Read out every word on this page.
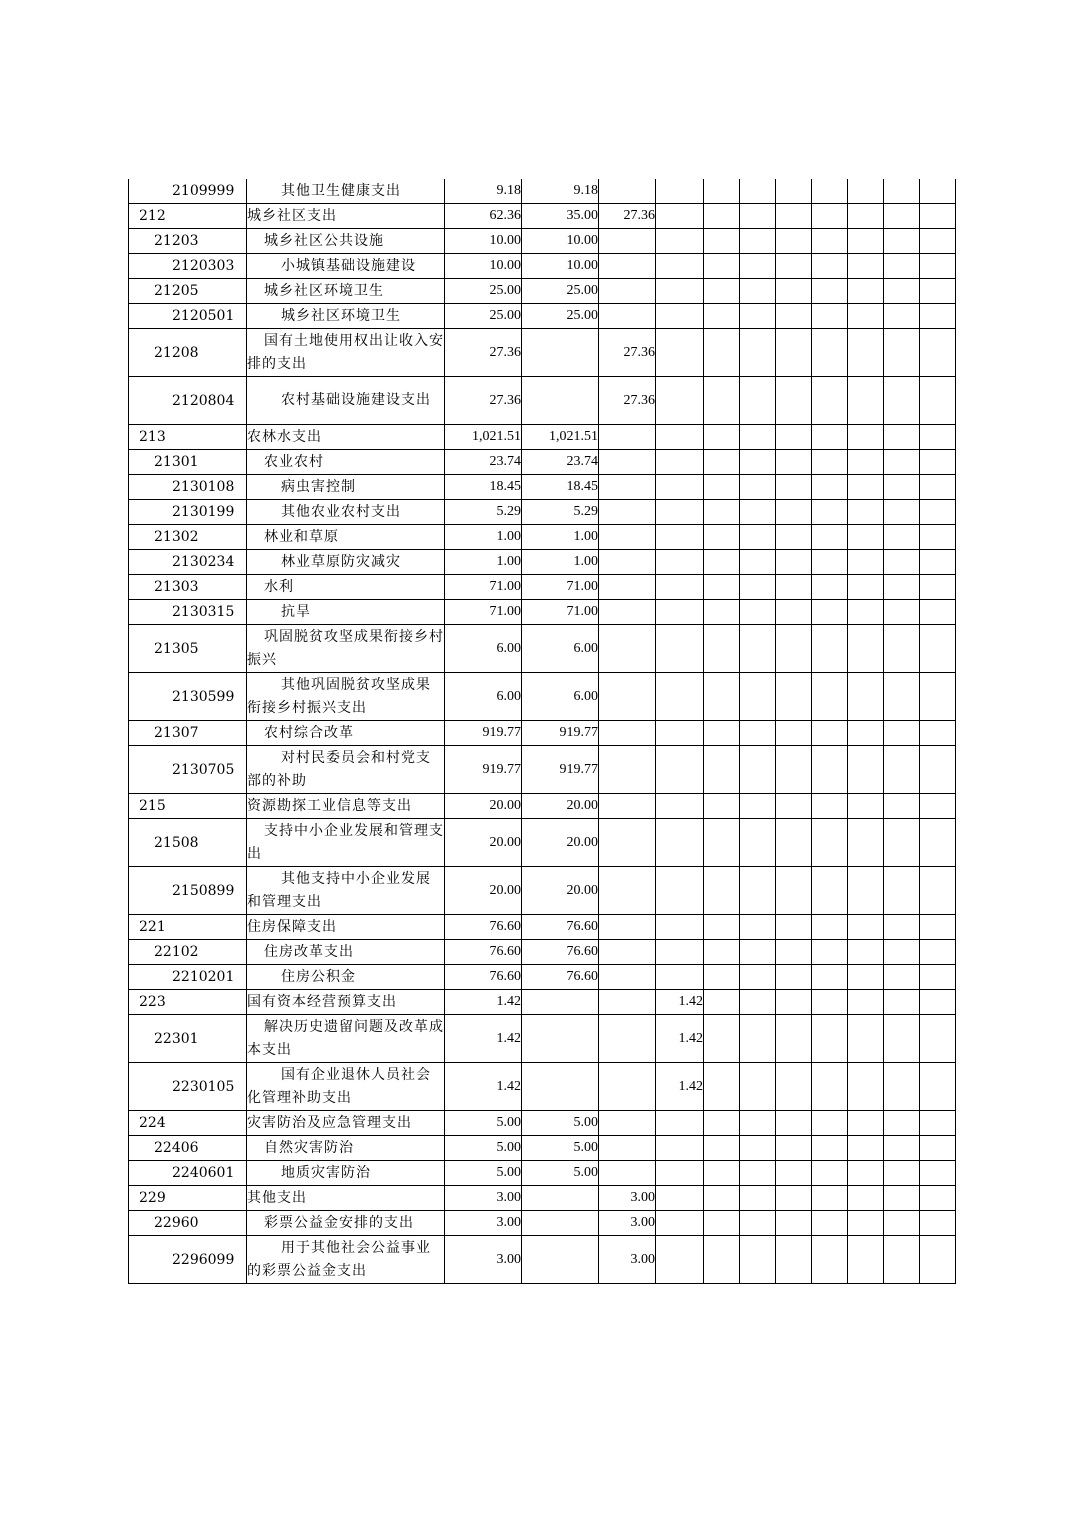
2109999	其他卫生健康支出	9.18	9.18									
212	城乡社区支出	62.36	35.00	27.36								
21203	城乡社区公共设施	10.00	10.00									
2120303	小城镇基础设施建设	10.00	10.00									
21205	城乡社区环境卫生	25.00	25.00									
2120501	城乡社区环境卫生	25.00	25.00									
21208	国有土地使用权出让收入安排的支出	27.36		27.36								
2120804	农村基础设施建设支出	27.36		27.36								
213	农林水支出	1,021.51	1,021.51									
21301	农业农村	23.74	23.74									
2130108	病虫害控制	18.45	18.45									
2130199	其他农业农村支出	5.29	5.29									
21302	林业和草原	1.00	1.00									
2130234	林业草原防灾减灾	1.00	1.00									
21303	水利	71.00	71.00									
2130315	抗旱	71.00	71.00									
21305	巩固脱贫攻坚成果衔接乡村振兴	6.00	6.00									
2130599	其他巩固脱贫攻坚成果衔接乡村振兴支出	6.00	6.00									
21307	农村综合改革	919.77	919.77									
2130705	对村民委员会和村党支部的补助	919.77	919.77									
215	资源勘探工业信息等支出	20.00	20.00									
21508	支持中小企业发展和管理支出	20.00	20.00									
2150899	其他支持中小企业发展和管理支出	20.00	20.00									
221	住房保障支出	76.60	76.60									
22102	住房改革支出	76.60	76.60									
2210201	住房公积金	76.60	76.60									
223	国有资本经营预算支出	1.42			1.42							
22301	解决历史遗留问题及改革成本支出	1.42			1.42							
2230105	国有企业退休人员社会化管理补助支出	1.42			1.42							
224	灾害防治及应急管理支出	5.00	5.00									
22406	自然灾害防治	5.00	5.00									
2240601	地质灾害防治	5.00	5.00									
229	其他支出	3.00		3.00								
22960	彩票公益金安排的支出	3.00		3.00								
2296099	用于其他社会公益事业的彩票公益金支出	3.00		3.00								
